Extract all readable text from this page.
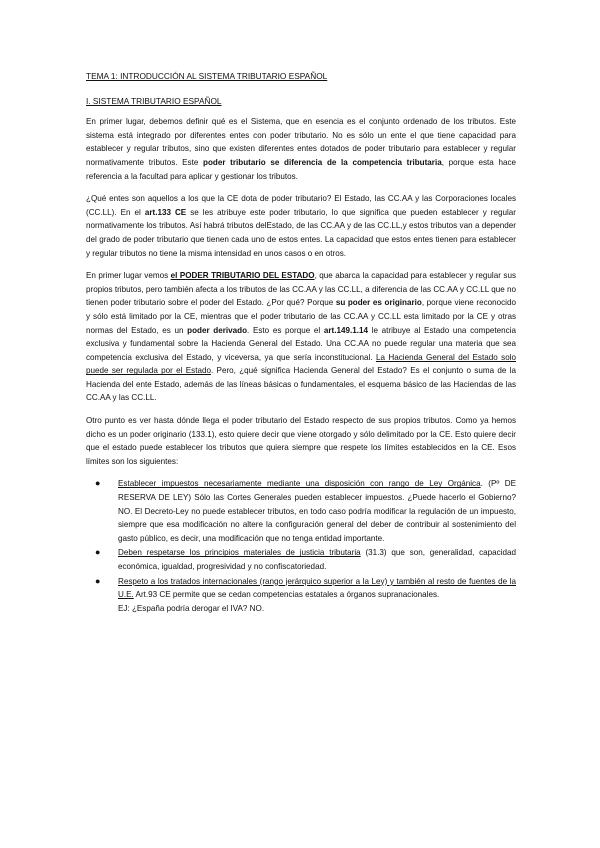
TEMA 1: INTRODUCCIÓN AL SISTEMA TRIBUTARIO ESPAÑOL
I. SISTEMA TRIBUTARIO ESPAÑOL

En primer lugar, debemos definir qué es el Sistema, que en esencia es el conjunto ordenado de los tributos. Este sistema está integrado por diferentes entes con poder tributario. No es sólo un ente el que tiene capacidad para establecer y regular tributos, sino que existen diferentes entes dotados de poder tributario para establecer y regular normativamente tributos. Este poder tributario se diferencia de la competencia tributaria, porque esta hace referencia a la facultad para aplicar y gestionar los tributos.

¿Qué entes son aquellos a los que la CE dota de poder tributario? El Estado, las CC.AA y las Corporaciones locales (CC.LL). En el art.133 CE se les atribuye este poder tributario, lo que significa que pueden establecer y regular normativamente los tributos. Así habrá tributos delEstado, de las CC.AA y de las CC.LL,y estos tributos van a depender del grado de poder tributario que tienen cada uno de estos entes. La capacidad que estos entes tienen para establecer y regular tributos no tiene la misma intensidad en unos casos o en otros.

En primer lugar vemos el PODER TRIBUTARIO DEL ESTADO, que abarca la capacidad para establecer y regular sus propios tributos, pero también afecta a los tributos de las CC.AA y las CC.LL, a diferencia de las CC.AA y CC.LL que no tienen poder tributario sobre el poder del Estado. ¿Por qué? Porque su poder es originario, porque viene reconocido y sólo está limitado por la CE, mientras que el poder tributario de las CC.AA y CC.LL esta limitado por la CE y otras normas del Estado, es un poder derivado. Esto es porque el art.149.1.14 le atribuye al Estado una competencia exclusiva y fundamental sobre la Hacienda General del Estado. Una CC.AA no puede regular una materia que sea competencia exclusiva del Estado, y viceversa, ya que sería inconstitucional. La Hacienda General del Estado solo puede ser regulada por el Estado. Pero, ¿qué significa Hacienda General del Estado? Es el conjunto o suma de la Hacienda del ente Estado, además de las líneas básicas o fundamentales, el esquema básico de las Haciendas de las CC.AA y las CC.LL.

Otro punto es ver hasta dónde llega el poder tributario del Estado respecto de sus propios tributos. Como ya hemos dicho es un poder originario (133.1), esto quiere decir que viene otorgado y sólo delimitado por la CE. Esto quiere decir que el estado puede establecer los tributos que quiera siempre que respete los límites establecidos en la CE. Esos límites son los siguientes:

● Establecer impuestos necesariamente mediante una disposición con rango de Ley Orgánica. (Pº DE RESERVA DE LEY) Sólo las Cortes Generales pueden establecer impuestos. ¿Puede hacerlo el Gobierno? NO. El Decreto-Ley no puede establecer tributos, en todo caso podría modificar la regulación de un impuesto, siempre que esa modificación no altere la configuración general del deber de contribuir al sostenimiento del gasto público, es decir, una modificación que no tenga entidad importante.
● Deben respetarse los principios materiales de justicia tributaria (31.3) que son, generalidad, capacidad económica, igualdad, progresividad y no confiscatoriedad.
● Respeto a los tratados internacionales (rango jerárquico superior a la Ley) y también al resto de fuentes de la U.E. Art.93 CE permite que se cedan competencias estatales a órganos supranacionales.
EJ: ¿España podría derogar el IVA? NO.
